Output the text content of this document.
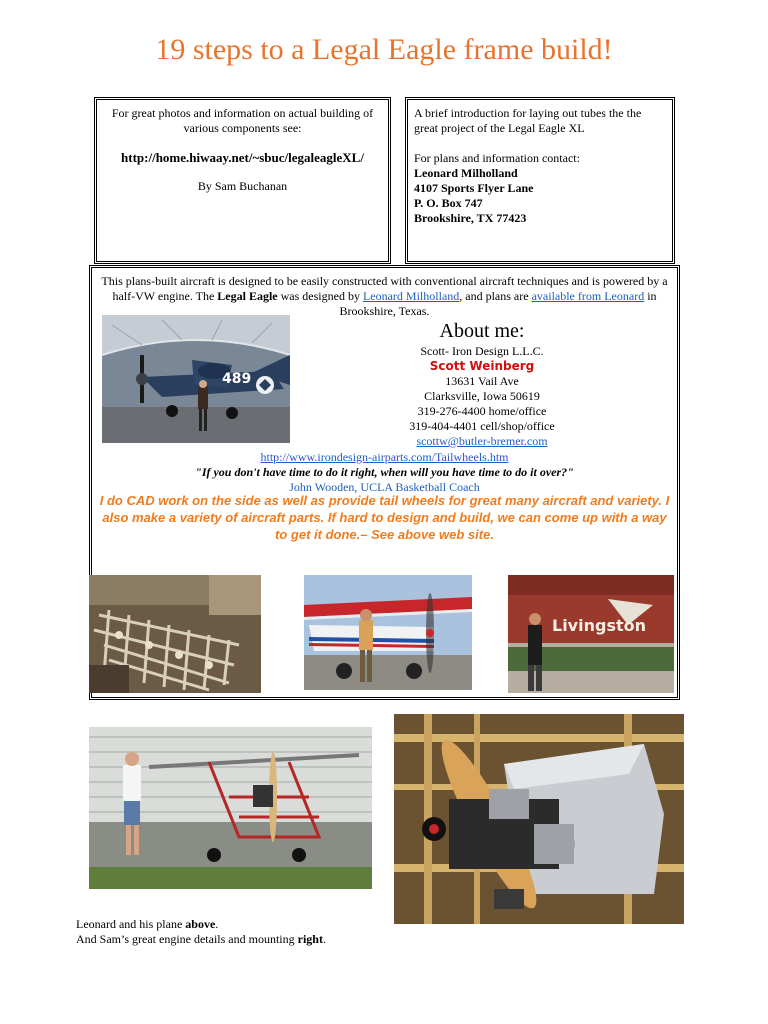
19 steps to a Legal Eagle frame build!
For great photos and information on actual building of various components see:
http://home.hiwaay.net/~sbuc/legaleagleXL/
By Sam Buchanan
A brief introduction for laying out tubes the the great project of the Legal Eagle XL
For plans and information contact:
Leonard Milholland
4107 Sports Flyer Lane
P. O. Box 747
Brookshire, TX 77423
This plans-built aircraft is designed to be easily constructed with conventional aircraft techniques and is powered by a half-VW engine. The Legal Eagle was designed by Leonard Milholland, and plans are available from Leonard in Brookshire, Texas.
489
About me:
Scott- Iron Design L.L.C.
Scott Weinberg
13631 Vail Ave
Clarksville, Iowa 50619
319-276-4400 home/office
319-404-4401 cell/shop/office
scottw@butler-bremer.com
http://www.irondesign-airparts.com/Tailwheels.htm
"If you don't have time to do it right, when will you have time to do it over?"
John Wooden, UCLA Basketball Coach
I do CAD work on the side as well as provide tail wheels for great many aircraft and variety. I also make a variety of aircraft parts. If hard to design and build, we can come up with a way to get it done.– See above web site.
Livingston
Leonard and his plane above.
And Sam’s great engine details and mounting right.
